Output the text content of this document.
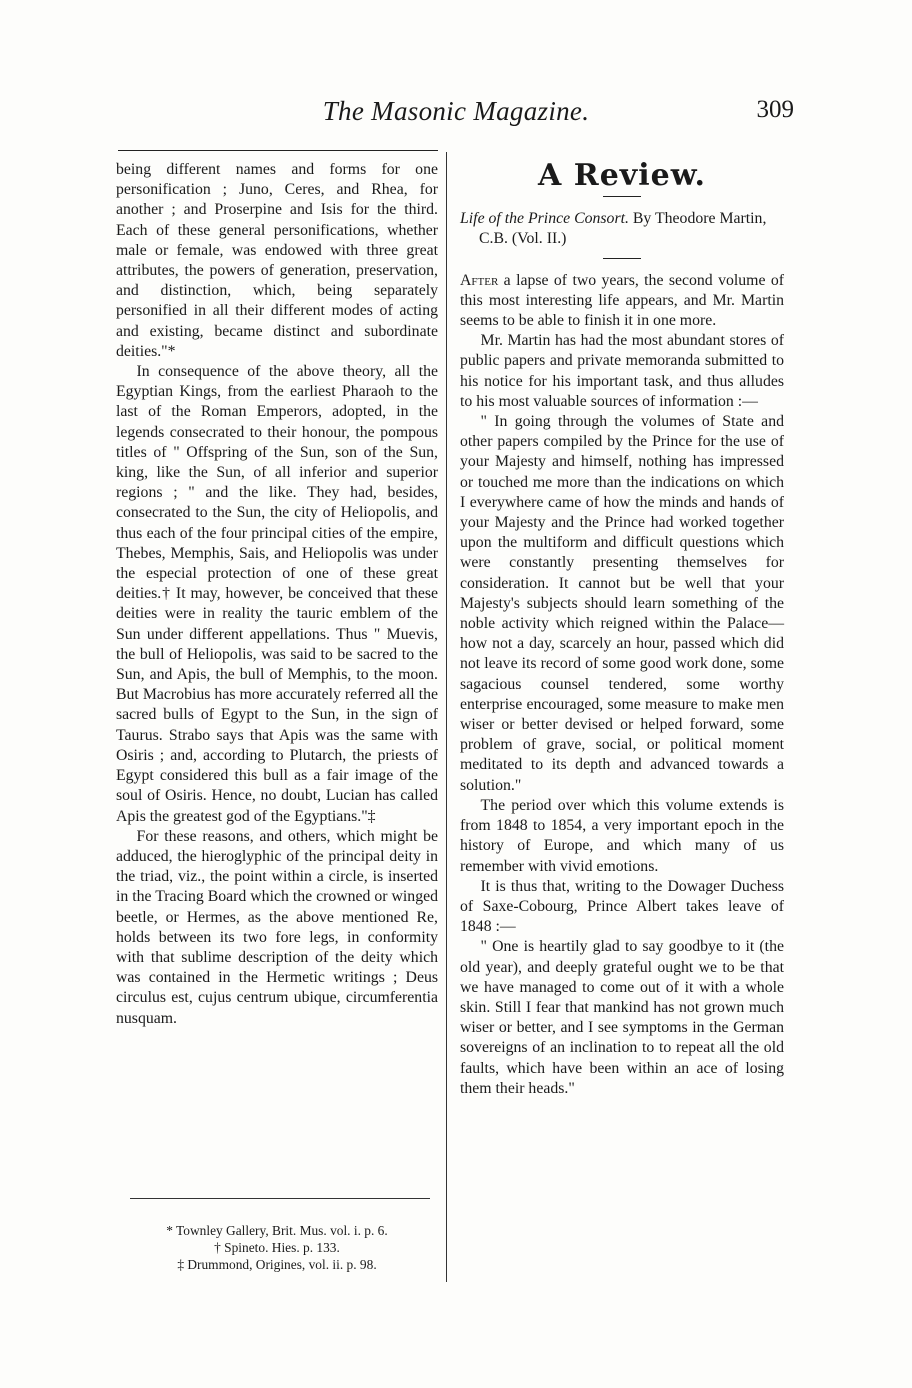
The Masonic Magazine.	309

being different names and forms for one personification ; Juno, Ceres, and Rhea, for another ; and Proserpine and Isis for the third. Each of these general personifications, whether male or female, was endowed with three great attributes, the powers of generation, preservation, and distinction, which, being separately personified in all their different modes of acting and existing, became distinct and subordinate deities."*

In consequence of the above theory, all the Egyptian Kings, from the earliest Pharaoh to the last of the Roman Emperors, adopted, in the legends consecrated to their honour, the pompous titles of " Offspring of the Sun, son of the Sun, king, like the Sun, of all inferior and superior regions ; " and the like. They had, besides, consecrated to the Sun, the city of Heliopolis, and thus each of the four principal cities of the empire, Thebes, Memphis, Sais, and Heliopolis was under the especial protection of one of these great deities.† It may, however, be conceived that these deities were in reality the tauric emblem of the Sun under different appellations. Thus " Muevis, the bull of Heliopolis, was said to be sacred to the Sun, and Apis, the bull of Memphis, to the moon. But Macrobius has more accurately referred all the sacred bulls of Egypt to the Sun, in the sign of Taurus. Strabo says that Apis was the same with Osiris ; and, according to Plutarch, the priests of Egypt considered this bull as a fair image of the soul of Osiris. Hence, no doubt, Lucian has called Apis the greatest god of the Egyptians."‡

For these reasons, and others, which might be adduced, the hieroglyphic of the principal deity in the triad, viz., the point within a circle, is inserted in the Tracing Board which the crowned or winged beetle, or Hermes, as the above mentioned Re, holds between its two fore legs, in conformity with that sublime description of the deity which was contained in the Hermetic writings ; Deus circulus est, cujus centrum ubique, circumferentia nusquam.

* Townley Gallery, Brit. Mus. vol. i. p. 6.
† Spineto. Hies. p. 133.
‡ Drummond, Origines, vol. ii. p. 98.
A Review.

Life of the Prince Consort. By Theodore Martin, C.B. (Vol. II.)

After a lapse of two years, the second volume of this most interesting life appears, and Mr. Martin seems to be able to finish it in one more.

Mr. Martin has had the most abundant stores of public papers and private memoranda submitted to his notice for his important task, and thus alludes to his most valuable sources of information :—

" In going through the volumes of State and other papers compiled by the Prince for the use of your Majesty and himself, nothing has impressed or touched me more than the indications on which I everywhere came of how the minds and hands of your Majesty and the Prince had worked together upon the multiform and difficult questions which were constantly presenting themselves for consideration. It cannot but be well that your Majesty's subjects should learn something of the noble activity which reigned within the Palace—how not a day, scarcely an hour, passed which did not leave its record of some good work done, some sagacious counsel tendered, some worthy enterprise encouraged, some measure to make men wiser or better devised or helped forward, some problem of grave, social, or political moment meditated to its depth and advanced towards a solution."

The period over which this volume extends is from 1848 to 1854, a very important epoch in the history of Europe, and which many of us remember with vivid emotions.

It is thus that, writing to the Dowager Duchess of Saxe-Cobourg, Prince Albert takes leave of 1848 :—

" One is heartily glad to say goodbye to it (the old year), and deeply grateful ought we to be that we have managed to come out of it with a whole skin. Still I fear that mankind has not grown much wiser or better, and I see symptoms in the German sovereigns of an inclination to to repeat all the old faults, which have been within an ace of losing them their heads."
